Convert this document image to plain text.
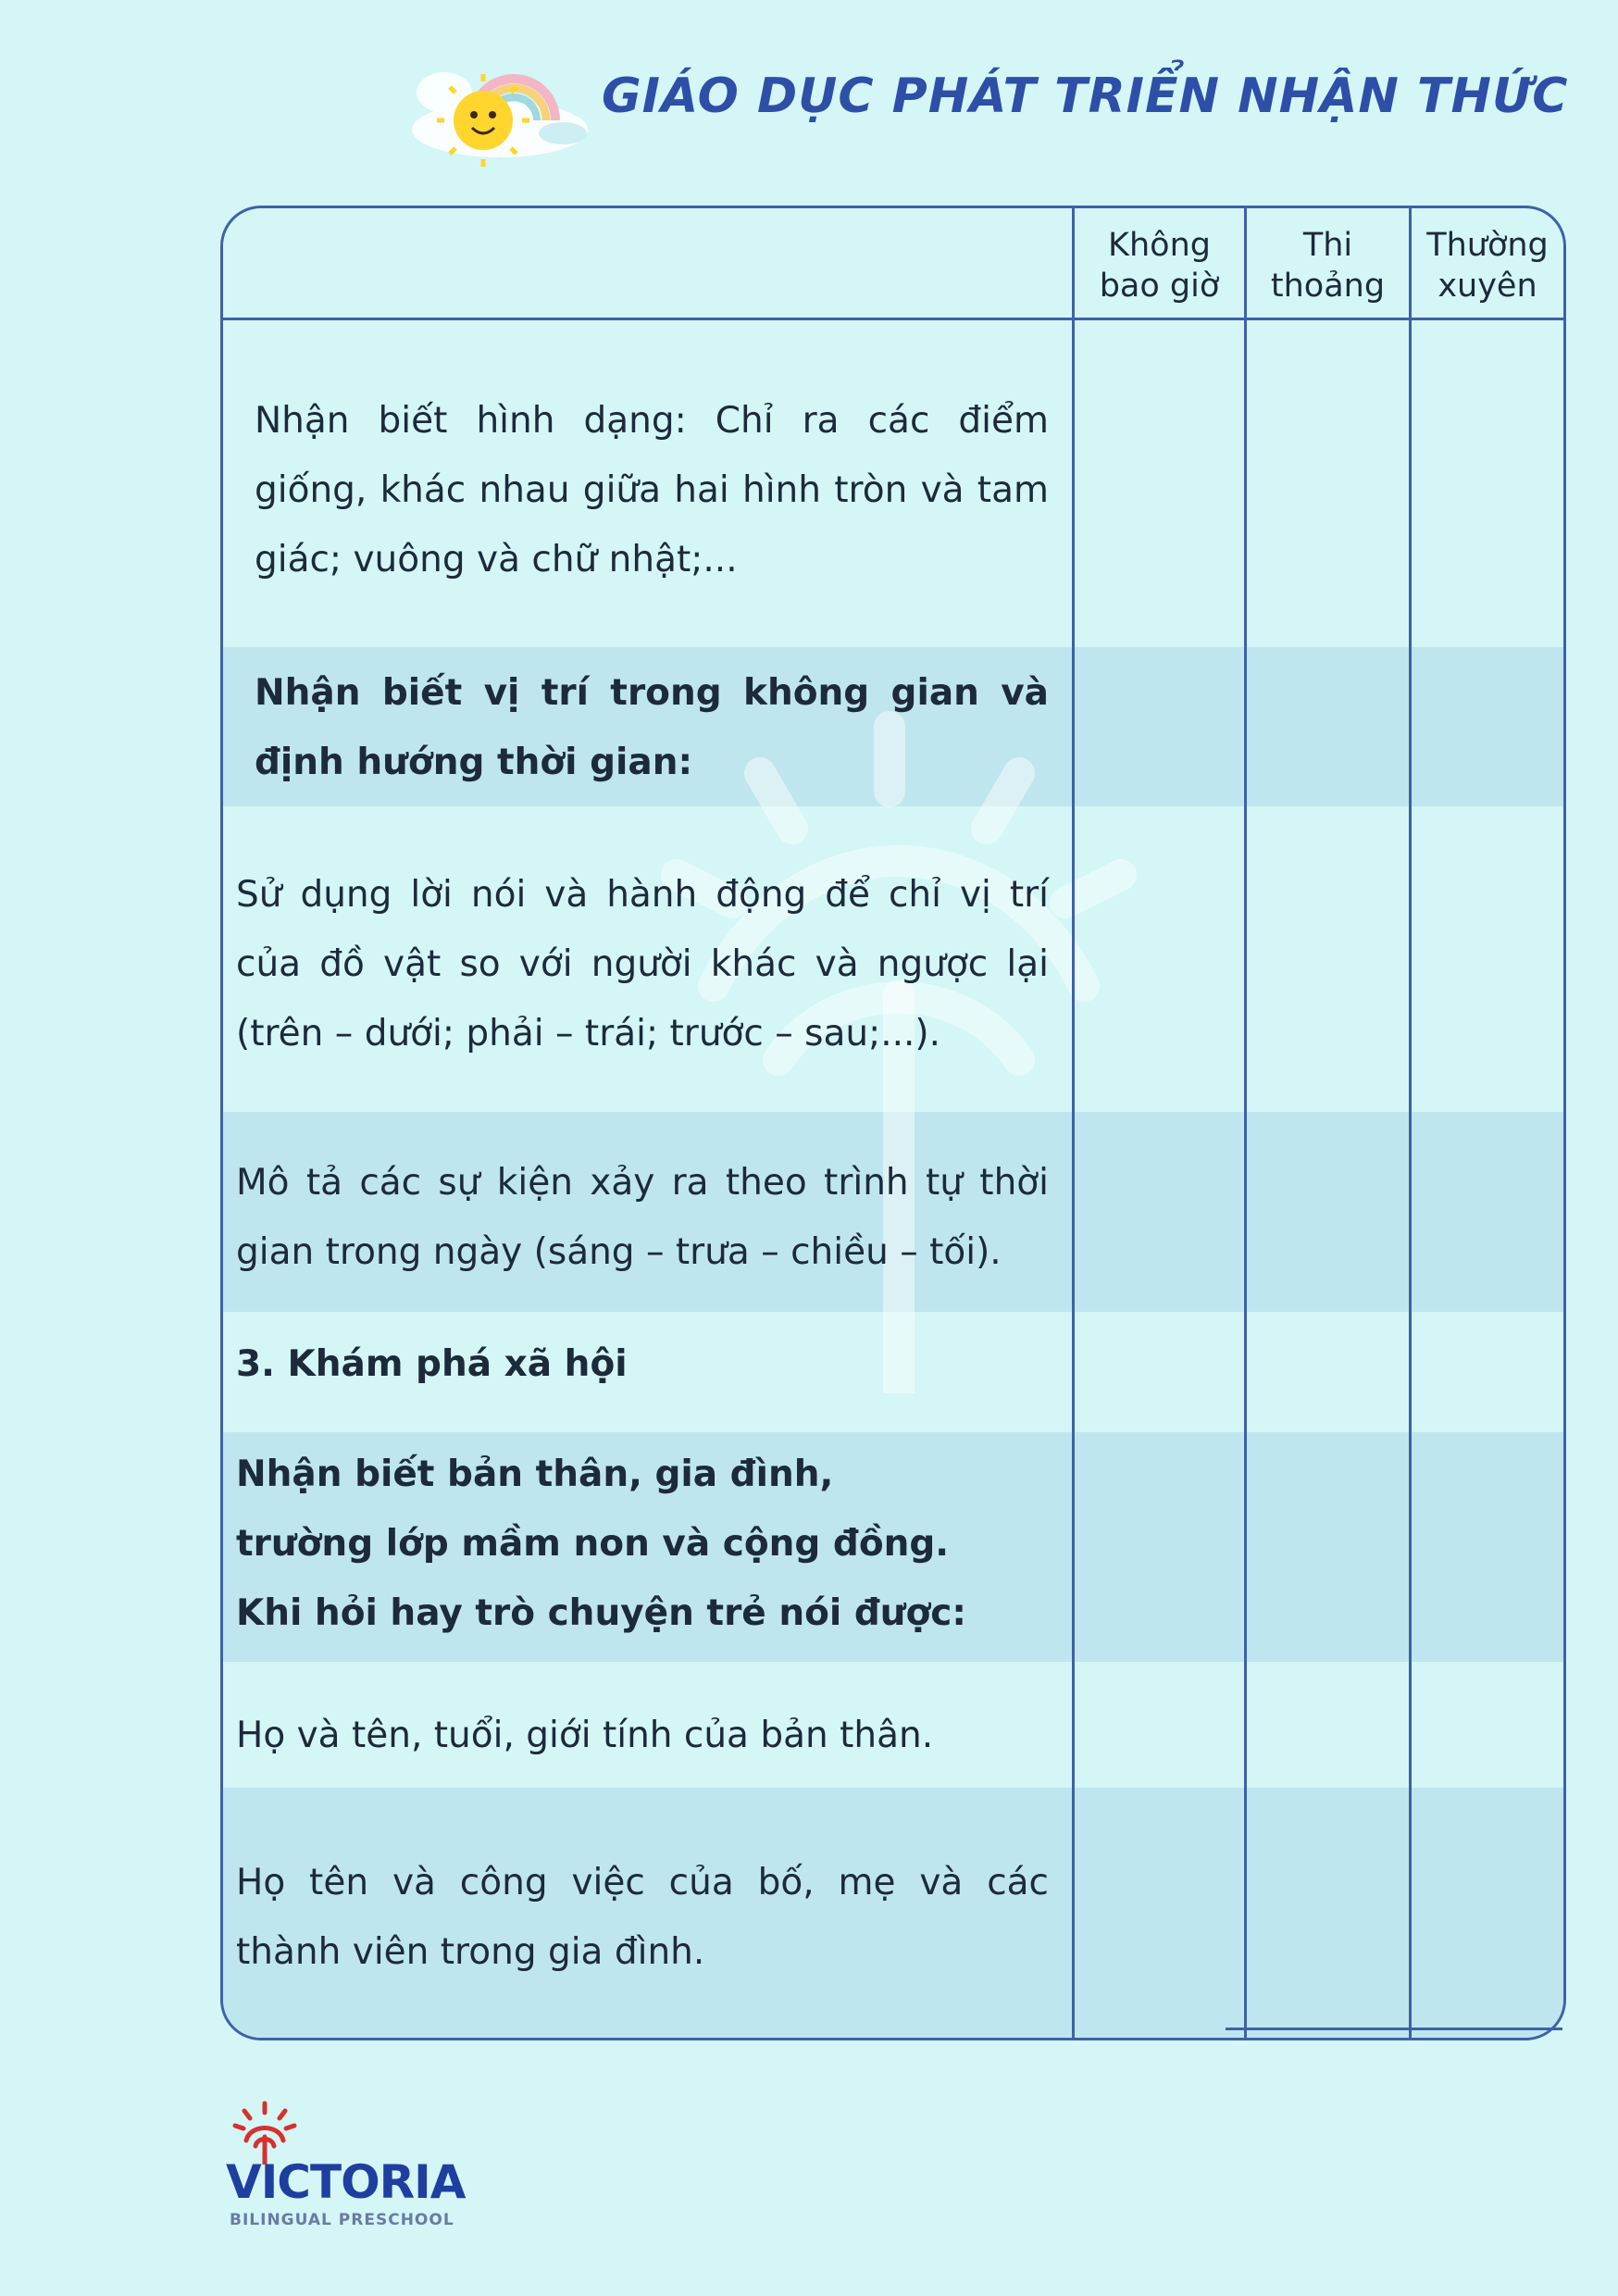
GIÁO DỤC PHÁT TRIỂN NHẬN THỨC
Không
bao giờ
Thi
thoảng
Thường
xuyên
Nhận biết hình dạng: Chỉ ra các điểm giống, khác nhau giữa hai hình tròn và tam giác; vuông và chữ nhật;...
Nhận biết vị trí trong không gian và định hướng thời gian:
Sử dụng lời nói và hành động để chỉ vị trí của đồ vật so với người khác và ngược lại (trên – dưới; phải – trái; trước – sau;...).
Mô tả các sự kiện xảy ra theo trình tự thời gian trong ngày (sáng – trưa – chiều – tối).
3. Khám phá xã hội
Nhận biết bản thân, gia đình, trường lớp mầm non và cộng đồng. Khi hỏi hay trò chuyện trẻ nói được:
Họ và tên, tuổi, giới tính của bản thân.
Họ tên và công việc của bố, mẹ và các thành viên trong gia đình.
VICTORIA
BILINGUAL PRESCHOOL
